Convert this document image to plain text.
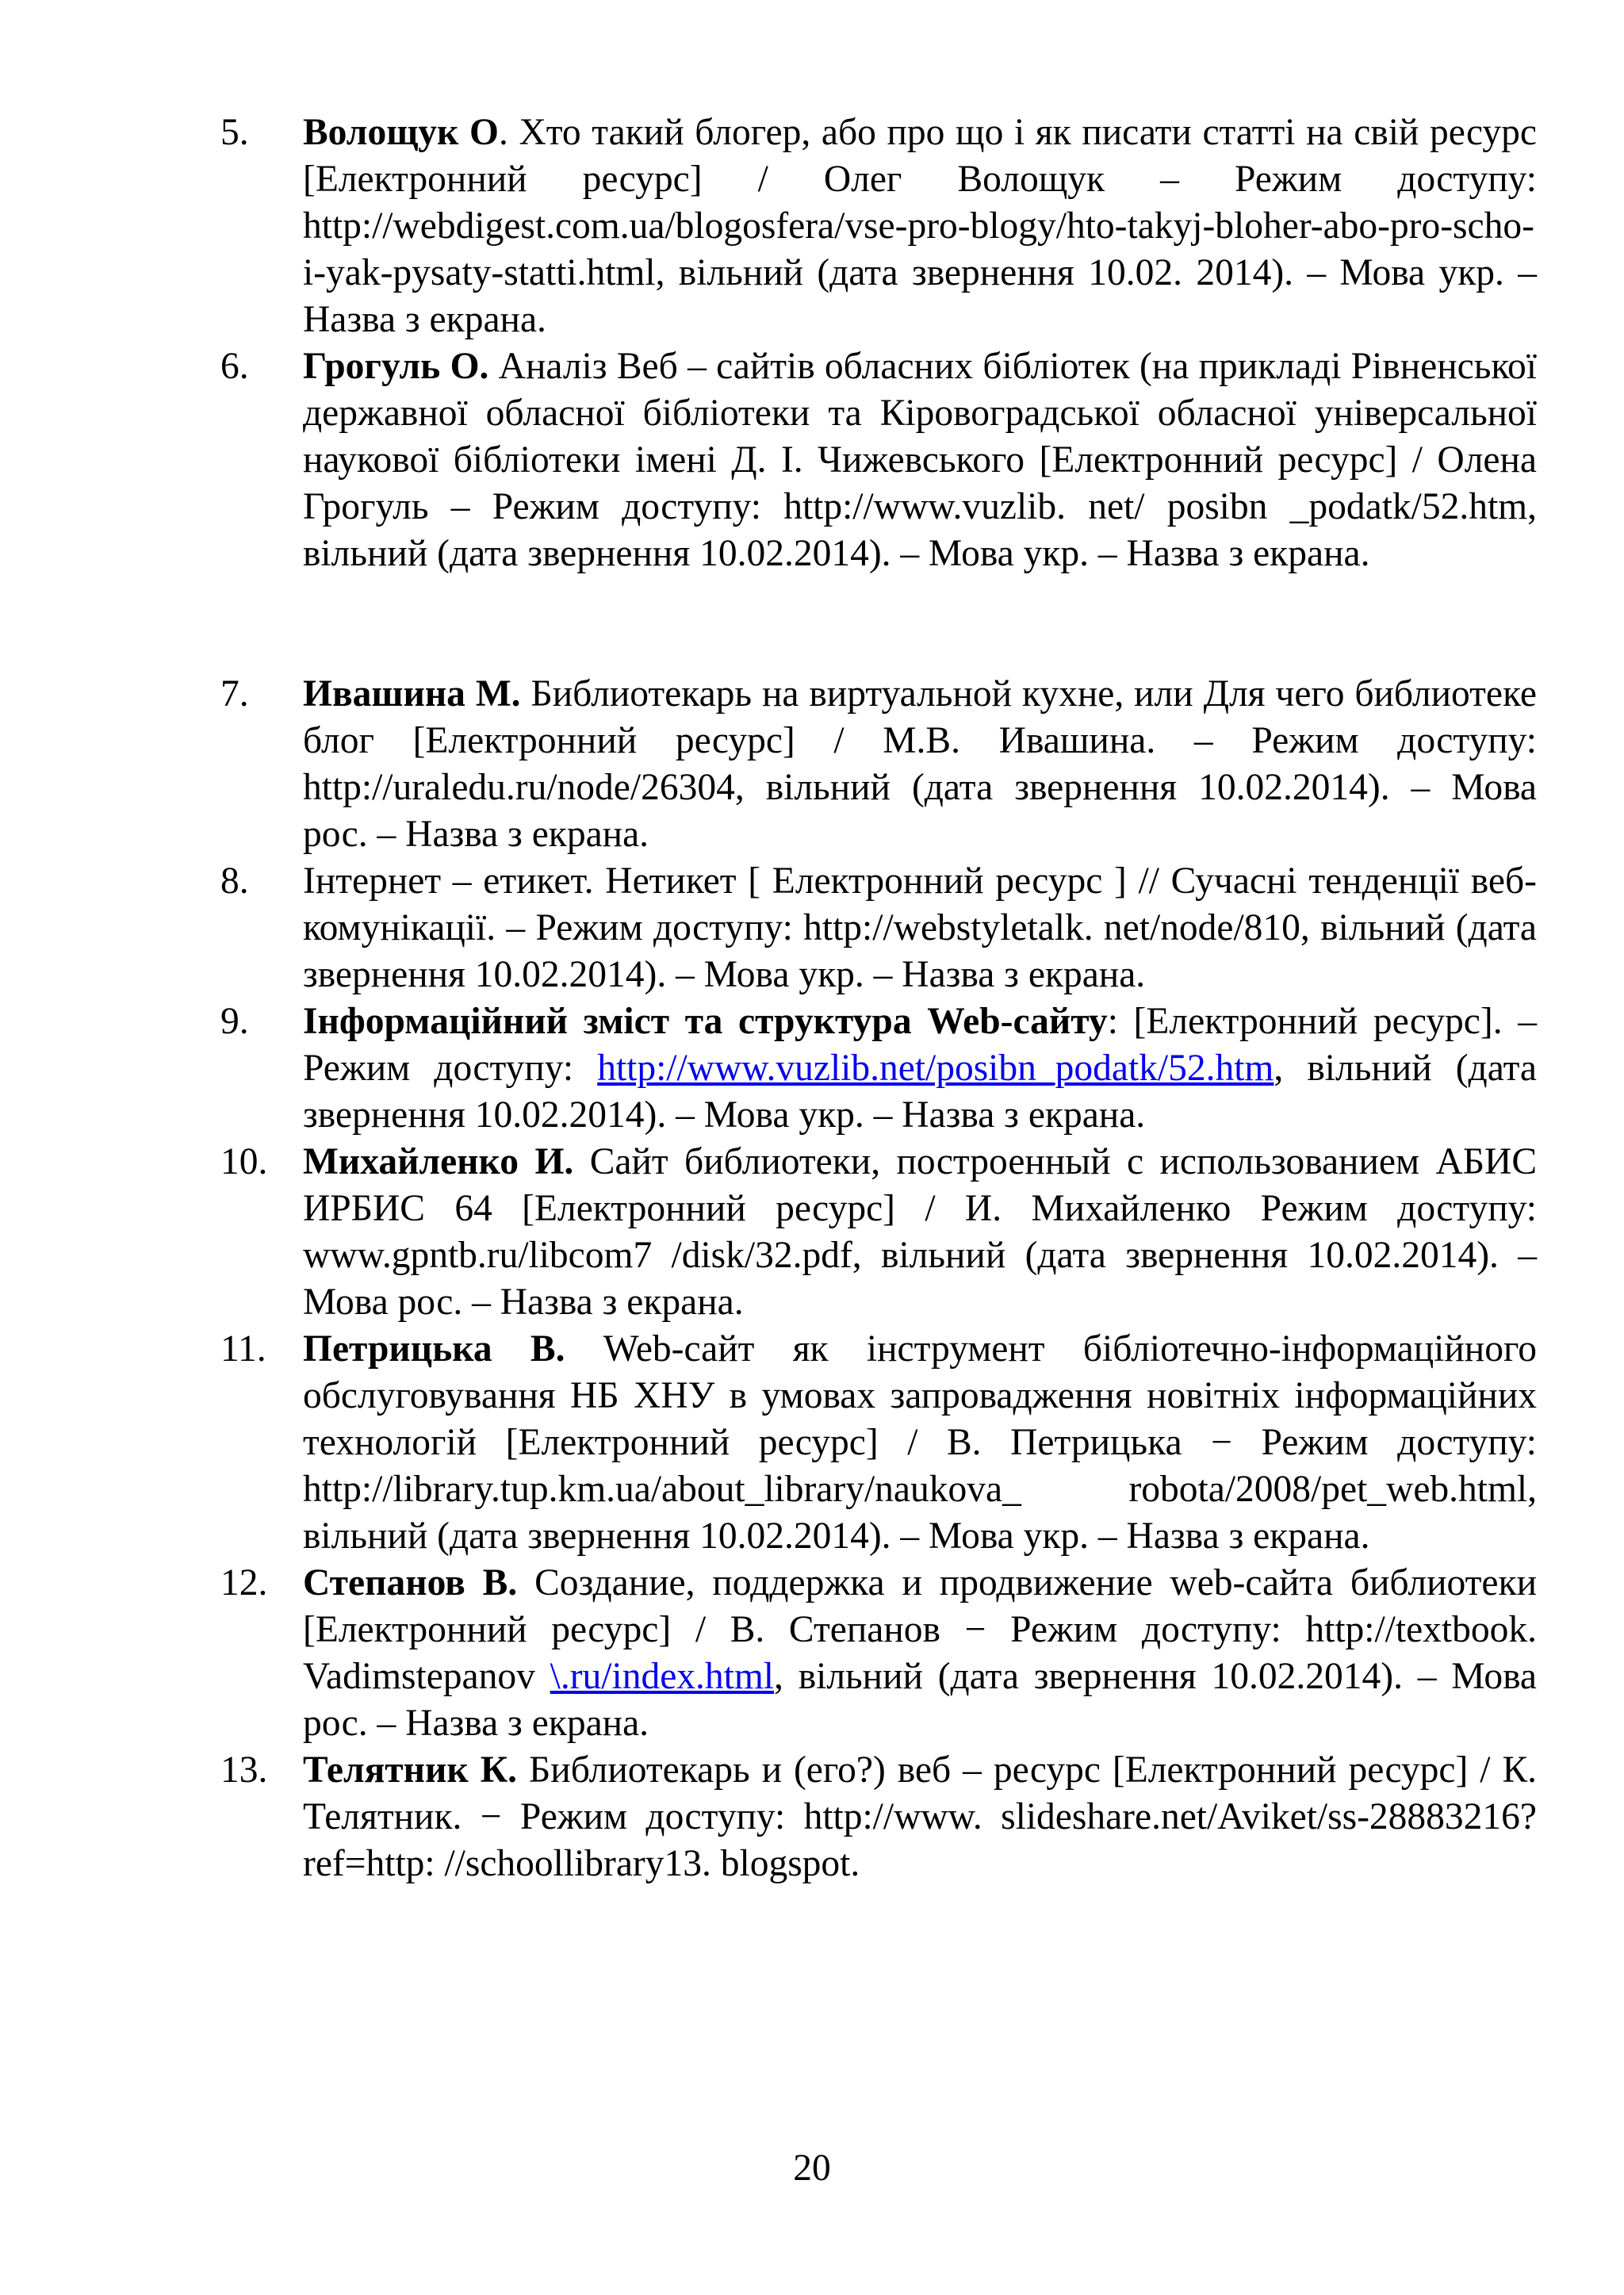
5. Волощук О. Хто такий блогер, або про що і як писати статті на свій ресурс [Електронний ресурс] / Олег Волощук – Режим доступу: http://webdigest.com.ua/blogosfera/vse-pro-blogy/hto-takyj-bloher-abo-pro-scho-i-yak-pysaty-statti.html, вільний (дата звернення 10.02. 2014). – Мова укр. – Назва з екрана.
6. Грогуль О. Аналіз Веб – сайтів обласних бібліотек (на прикладі Рівненської державної обласної бібліотеки та Кіровоградської обласної універсальної наукової бібліотеки імені Д. І. Чижевського [Електронний ресурс] / Олена Грогуль – Режим доступу: http://www.vuzlib. net/ posibn _podatk/52.htm, вільний (дата звернення 10.02.2014). – Мова укр. – Назва з екрана.
7. Ивашина М. Библиотекарь на виртуальной кухне, или Для чего библиотеке блог [Електронний ресурс] / М.В. Ивашина. – Режим доступу: http://uraledu.ru/node/26304, вільний (дата звернення 10.02.2014). – Мова рос. – Назва з екрана.
8. Інтернет – етикет. Нетикет [ Електронний ресурс ] // Сучасні тенденції веб-комунікації. – Режим доступу: http://webstyletalk. net/node/810, вільний (дата звернення 10.02.2014). – Мова укр. – Назва з екрана.
9. Інформаційний зміст та структура Web-сайту: [Електронний ресурс]. – Режим доступу: http://www.vuzlib.net/posibn_podatk/52.htm, вільний (дата звернення 10.02.2014). – Мова укр. – Назва з екрана.
10. Михайленко И. Сайт библиотеки, построенный с использованием АБИС ИРБИС 64 [Електронний ресурс] / И. Михайленко Режим доступу: www.gpntb.ru/libcom7 /disk/32.pdf, вільний (дата звернення 10.02.2014). – Мова рос. – Назва з екрана.
11. Петрицька В. Web-сайт як інструмент бібліотечно-інформаційного обслуговування НБ ХНУ в умовах запровадження новітніх інформаційних технологій [Електронний ресурс] / В. Петрицька − Режим доступу: http://library.tup.km.ua/about_library/naukova_ robota/2008/pet_web.html, вільний (дата звернення 10.02.2014). – Мова укр. – Назва з екрана.
12. Степанов В. Создание, поддержка и продвижение web-сайта библиотеки [Електронний ресурс] / В. Степанов − Режим доступу: http://textbook. Vadimstepanov \.ru/index.html, вільний (дата звернення 10.02.2014). – Мова рос. – Назва з екрана.
13. Телятник К. Библиотекарь и (его?) веб – ресурс [Електронний ресурс] / К. Телятник. − Режим доступу: http://www. slideshare.net/Aviket/ss-28883216?ref=http: //schoollibrary13. blogspot.
20
